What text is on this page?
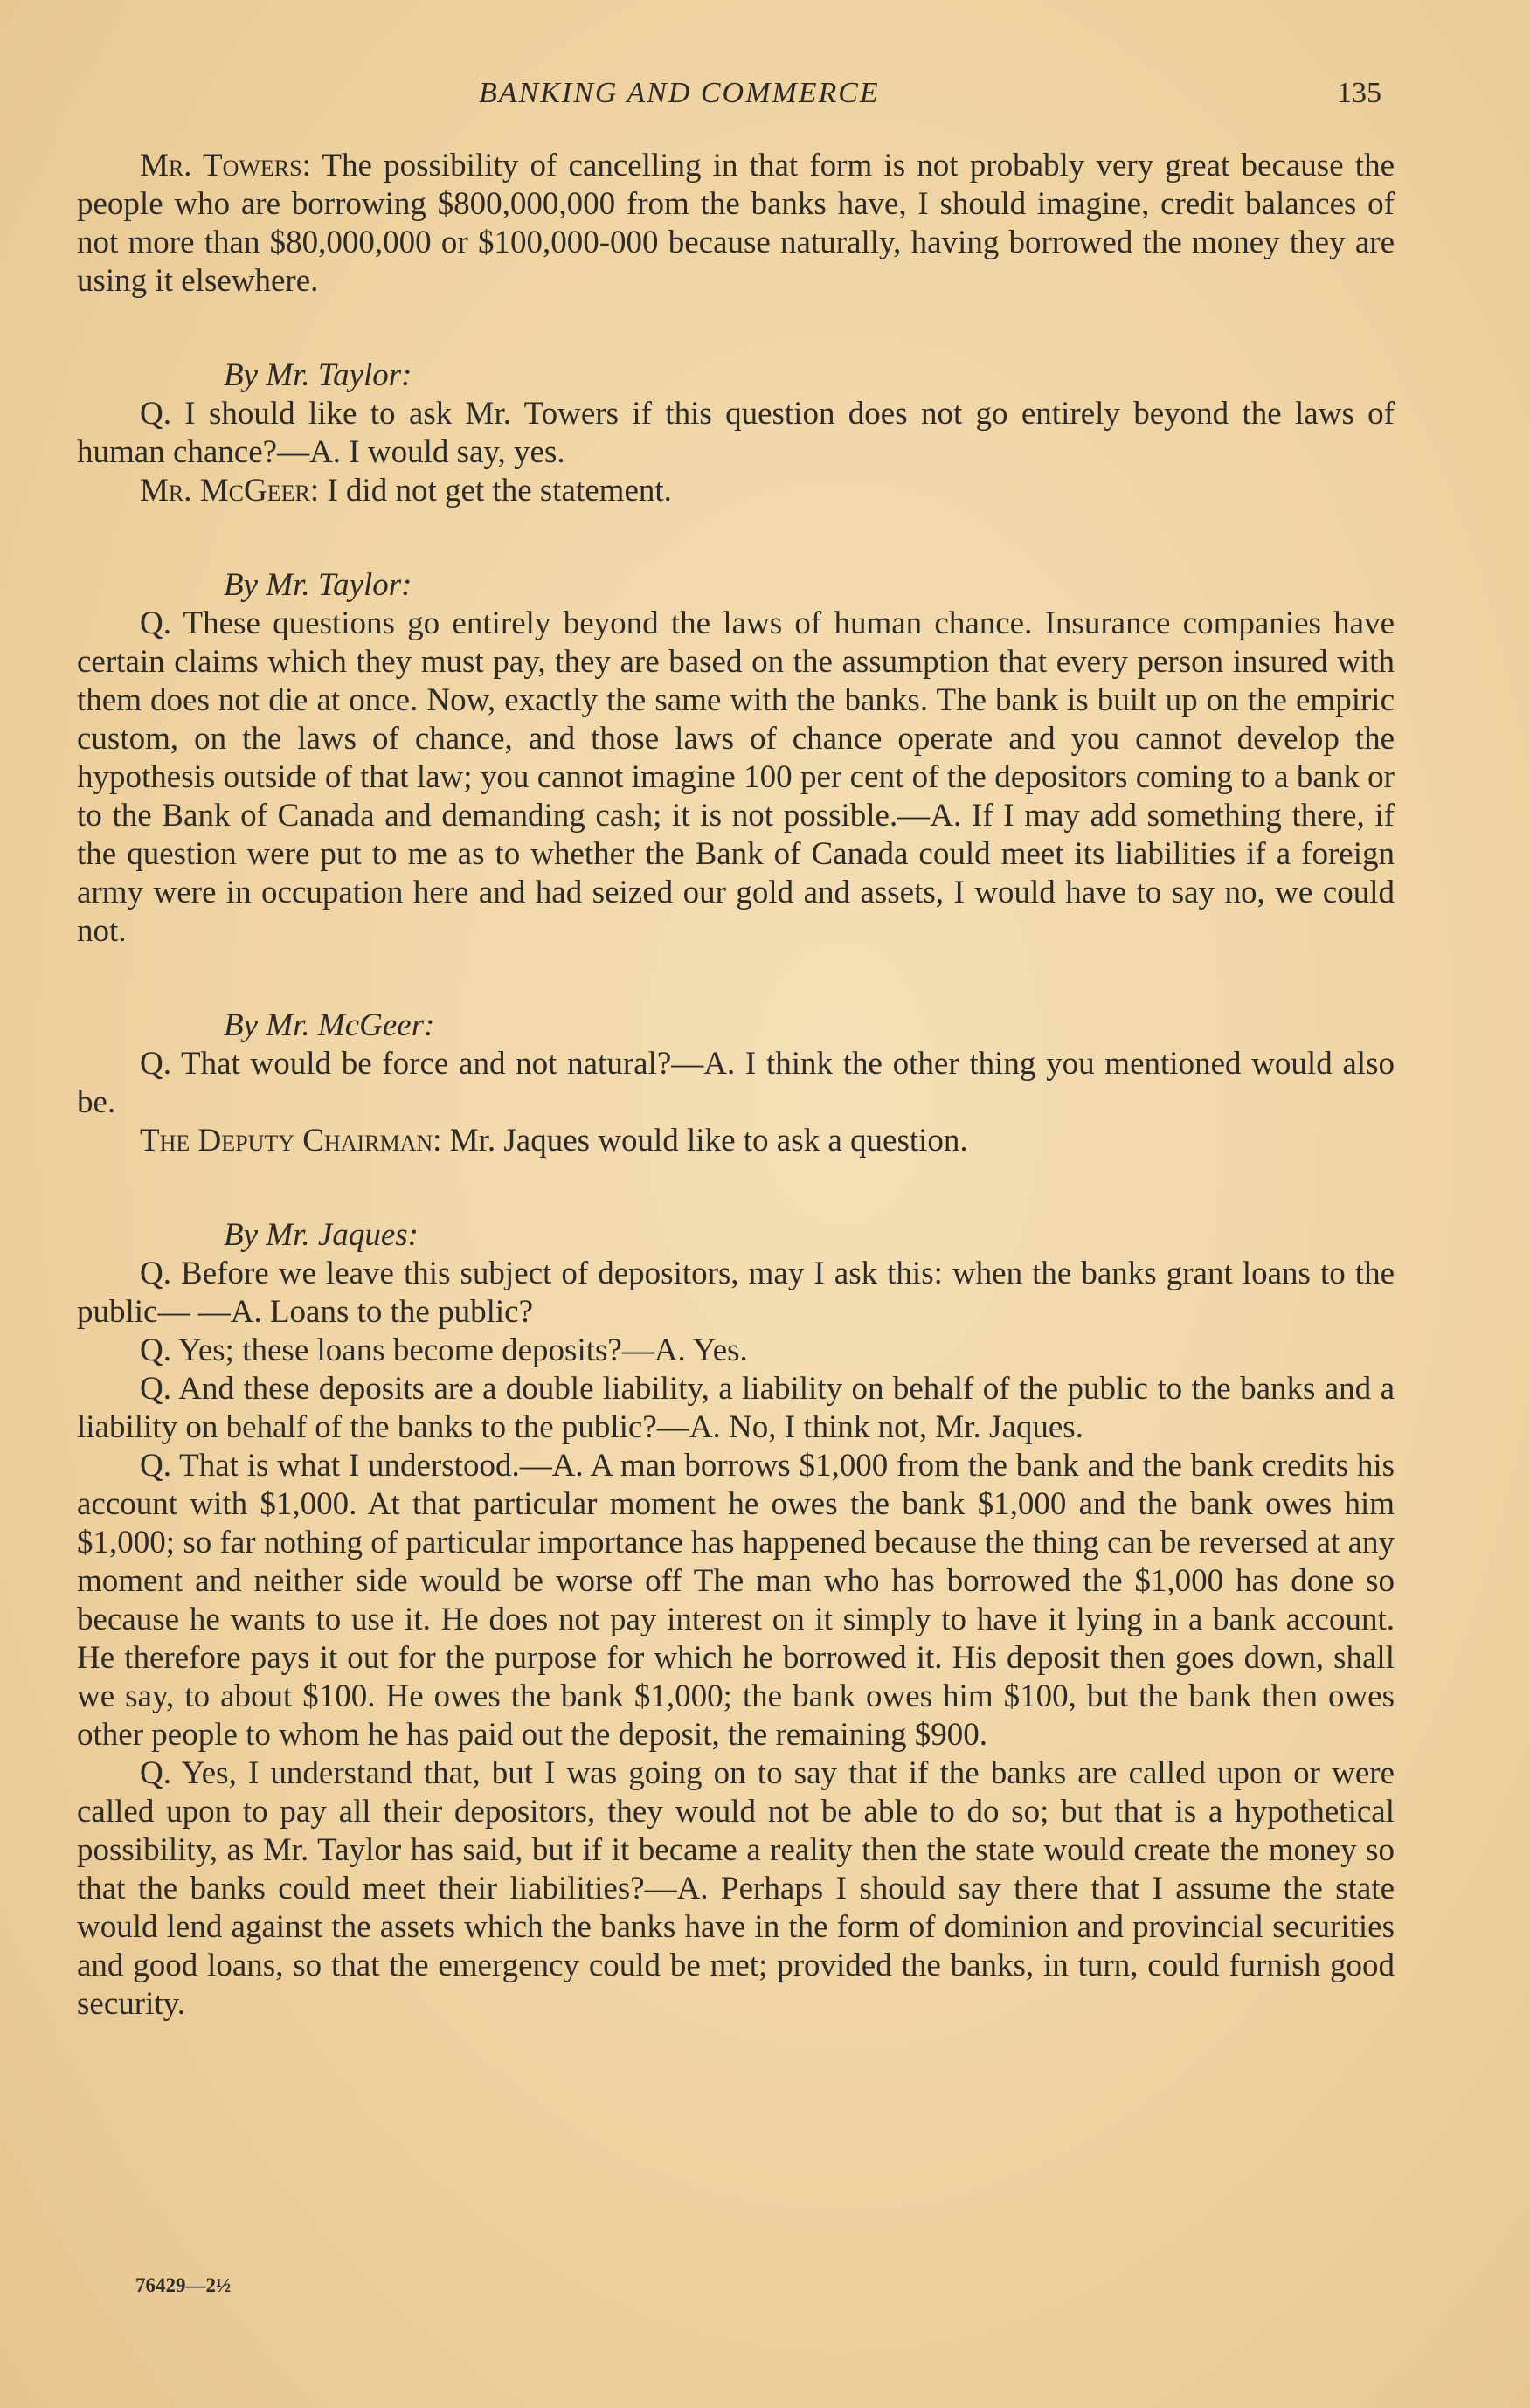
BANKING AND COMMERCE	135

Mr. Towers: The possibility of cancelling in that form is not probably very great because the people who are borrowing $800,000,000 from the banks have, I should imagine, credit balances of not more than $80,000,000 or $100,000-000 because naturally, having borrowed the money they are using it elsewhere.

By Mr. Taylor:

Q. I should like to ask Mr. Towers if this question does not go entirely beyond the laws of human chance?—A. I would say, yes.

Mr. McGeer: I did not get the statement.

By Mr. Taylor:

Q. These questions go entirely beyond the laws of human chance. Insurance companies have certain claims which they must pay, they are based on the assumption that every person insured with them does not die at once. Now, exactly the same with the banks. The bank is built up on the empiric custom, on the laws of chance, and those laws of chance operate and you cannot develop the hypothesis outside of that law; you cannot imagine 100 per cent of the depositors coming to a bank or to the Bank of Canada and demanding cash; it is not possible.—A. If I may add something there, if the question were put to me as to whether the Bank of Canada could meet its liabilities if a foreign army were in occupation here and had seized our gold and assets, I would have to say no, we could not.

By Mr. McGeer:

Q. That would be force and not natural?—A. I think the other thing you mentioned would also be.

The Deputy Chairman: Mr. Jaques would like to ask a question.

By Mr. Jaques:

Q. Before we leave this subject of depositors, may I ask this: when the banks grant loans to the public— —A. Loans to the public?

Q. Yes; these loans become deposits?—A. Yes.

Q. And these deposits are a double liability, a liability on behalf of the public to the banks and a liability on behalf of the banks to the public?—A. No, I think not, Mr. Jaques.

Q. That is what I understood.—A. A man borrows $1,000 from the bank and the bank credits his account with $1,000. At that particular moment he owes the bank $1,000 and the bank owes him $1,000; so far nothing of particular importance has happened because the thing can be reversed at any moment and neither side would be worse off The man who has borrowed the $1,000 has done so because he wants to use it. He does not pay interest on it simply to have it lying in a bank account. He therefore pays it out for the purpose for which he borrowed it. His deposit then goes down, shall we say, to about $100. He owes the bank $1,000; the bank owes him $100, but the bank then owes other people to whom he has paid out the deposit, the remaining $900.

Q. Yes, I understand that, but I was going on to say that if the banks are called upon or were called upon to pay all their depositors, they would not be able to do so; but that is a hypothetical possibility, as Mr. Taylor has said, but if it became a reality then the state would create the money so that the banks could meet their liabilities?—A. Perhaps I should say there that I assume the state would lend against the assets which the banks have in the form of dominion and provincial securities and good loans, so that the emergency could be met; provided the banks, in turn, could furnish good security.

76429—2½
